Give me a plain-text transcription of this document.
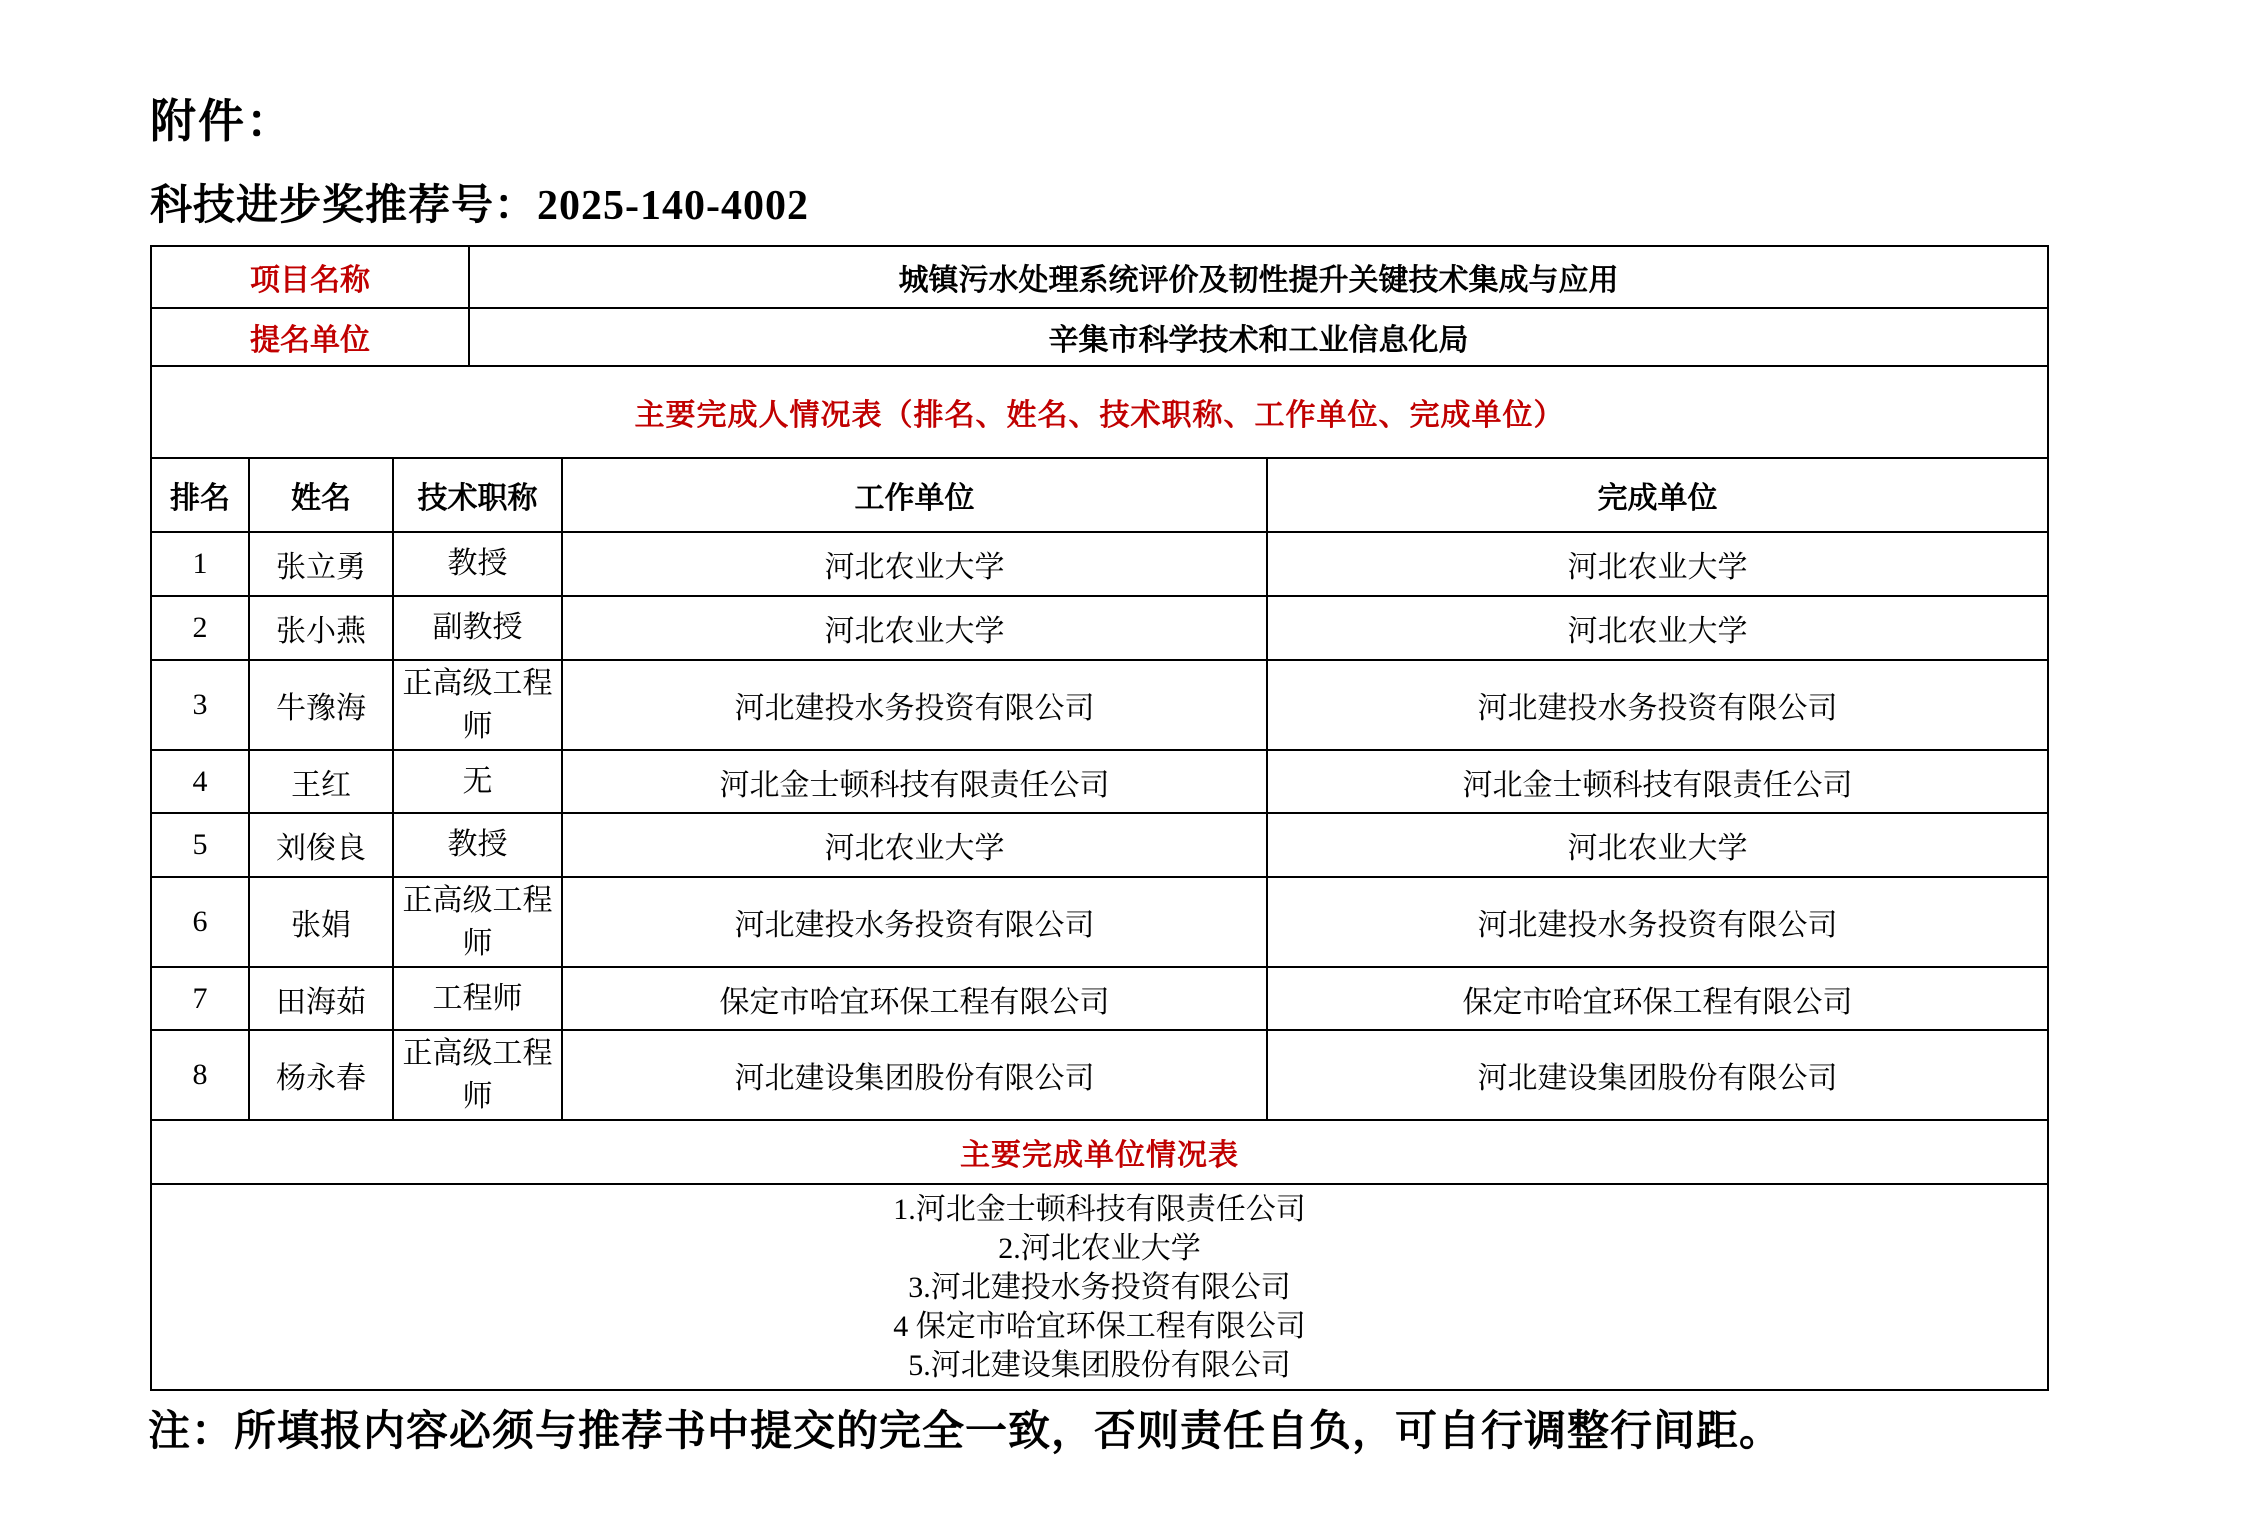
附件：
科技进步奖推荐号：2025-140-4002
项目名称			城镇污水处理系统评价及韧性提升关键技术集成与应用		
提名单位			辛集市科学技术和工业信息化局		
主要完成人情况表（排名、姓名、技术职称、工作单位、完成单位）					
排名	姓名	技术职称		工作单位	完成单位
1	张立勇	教授		河北农业大学	河北农业大学
2	张小燕	副教授		河北农业大学	河北农业大学
3	牛豫海	正高级工程师		河北建投水务投资有限公司	河北建投水务投资有限公司
4	王红	无		河北金士顿科技有限责任公司	河北金士顿科技有限责任公司
5	刘俊良	教授		河北农业大学	河北农业大学
6	张娟	正高级工程师		河北建投水务投资有限公司	河北建投水务投资有限公司
7	田海茹	工程师		保定市哈宜环保工程有限公司	保定市哈宜环保工程有限公司
8	杨永春	正高级工程师		河北建设集团股份有限公司	河北建设集团股份有限公司
主要完成单位情况表					

1.河北金士顿科技有限责任公司
2.河北农业大学
3.河北建投水务投资有限公司
4 保定市哈宜环保工程有限公司
5.河北建设集团股份有限公司					
注：所填报内容必须与推荐书中提交的完全一致，否则责任自负，可自行调整行间距。
